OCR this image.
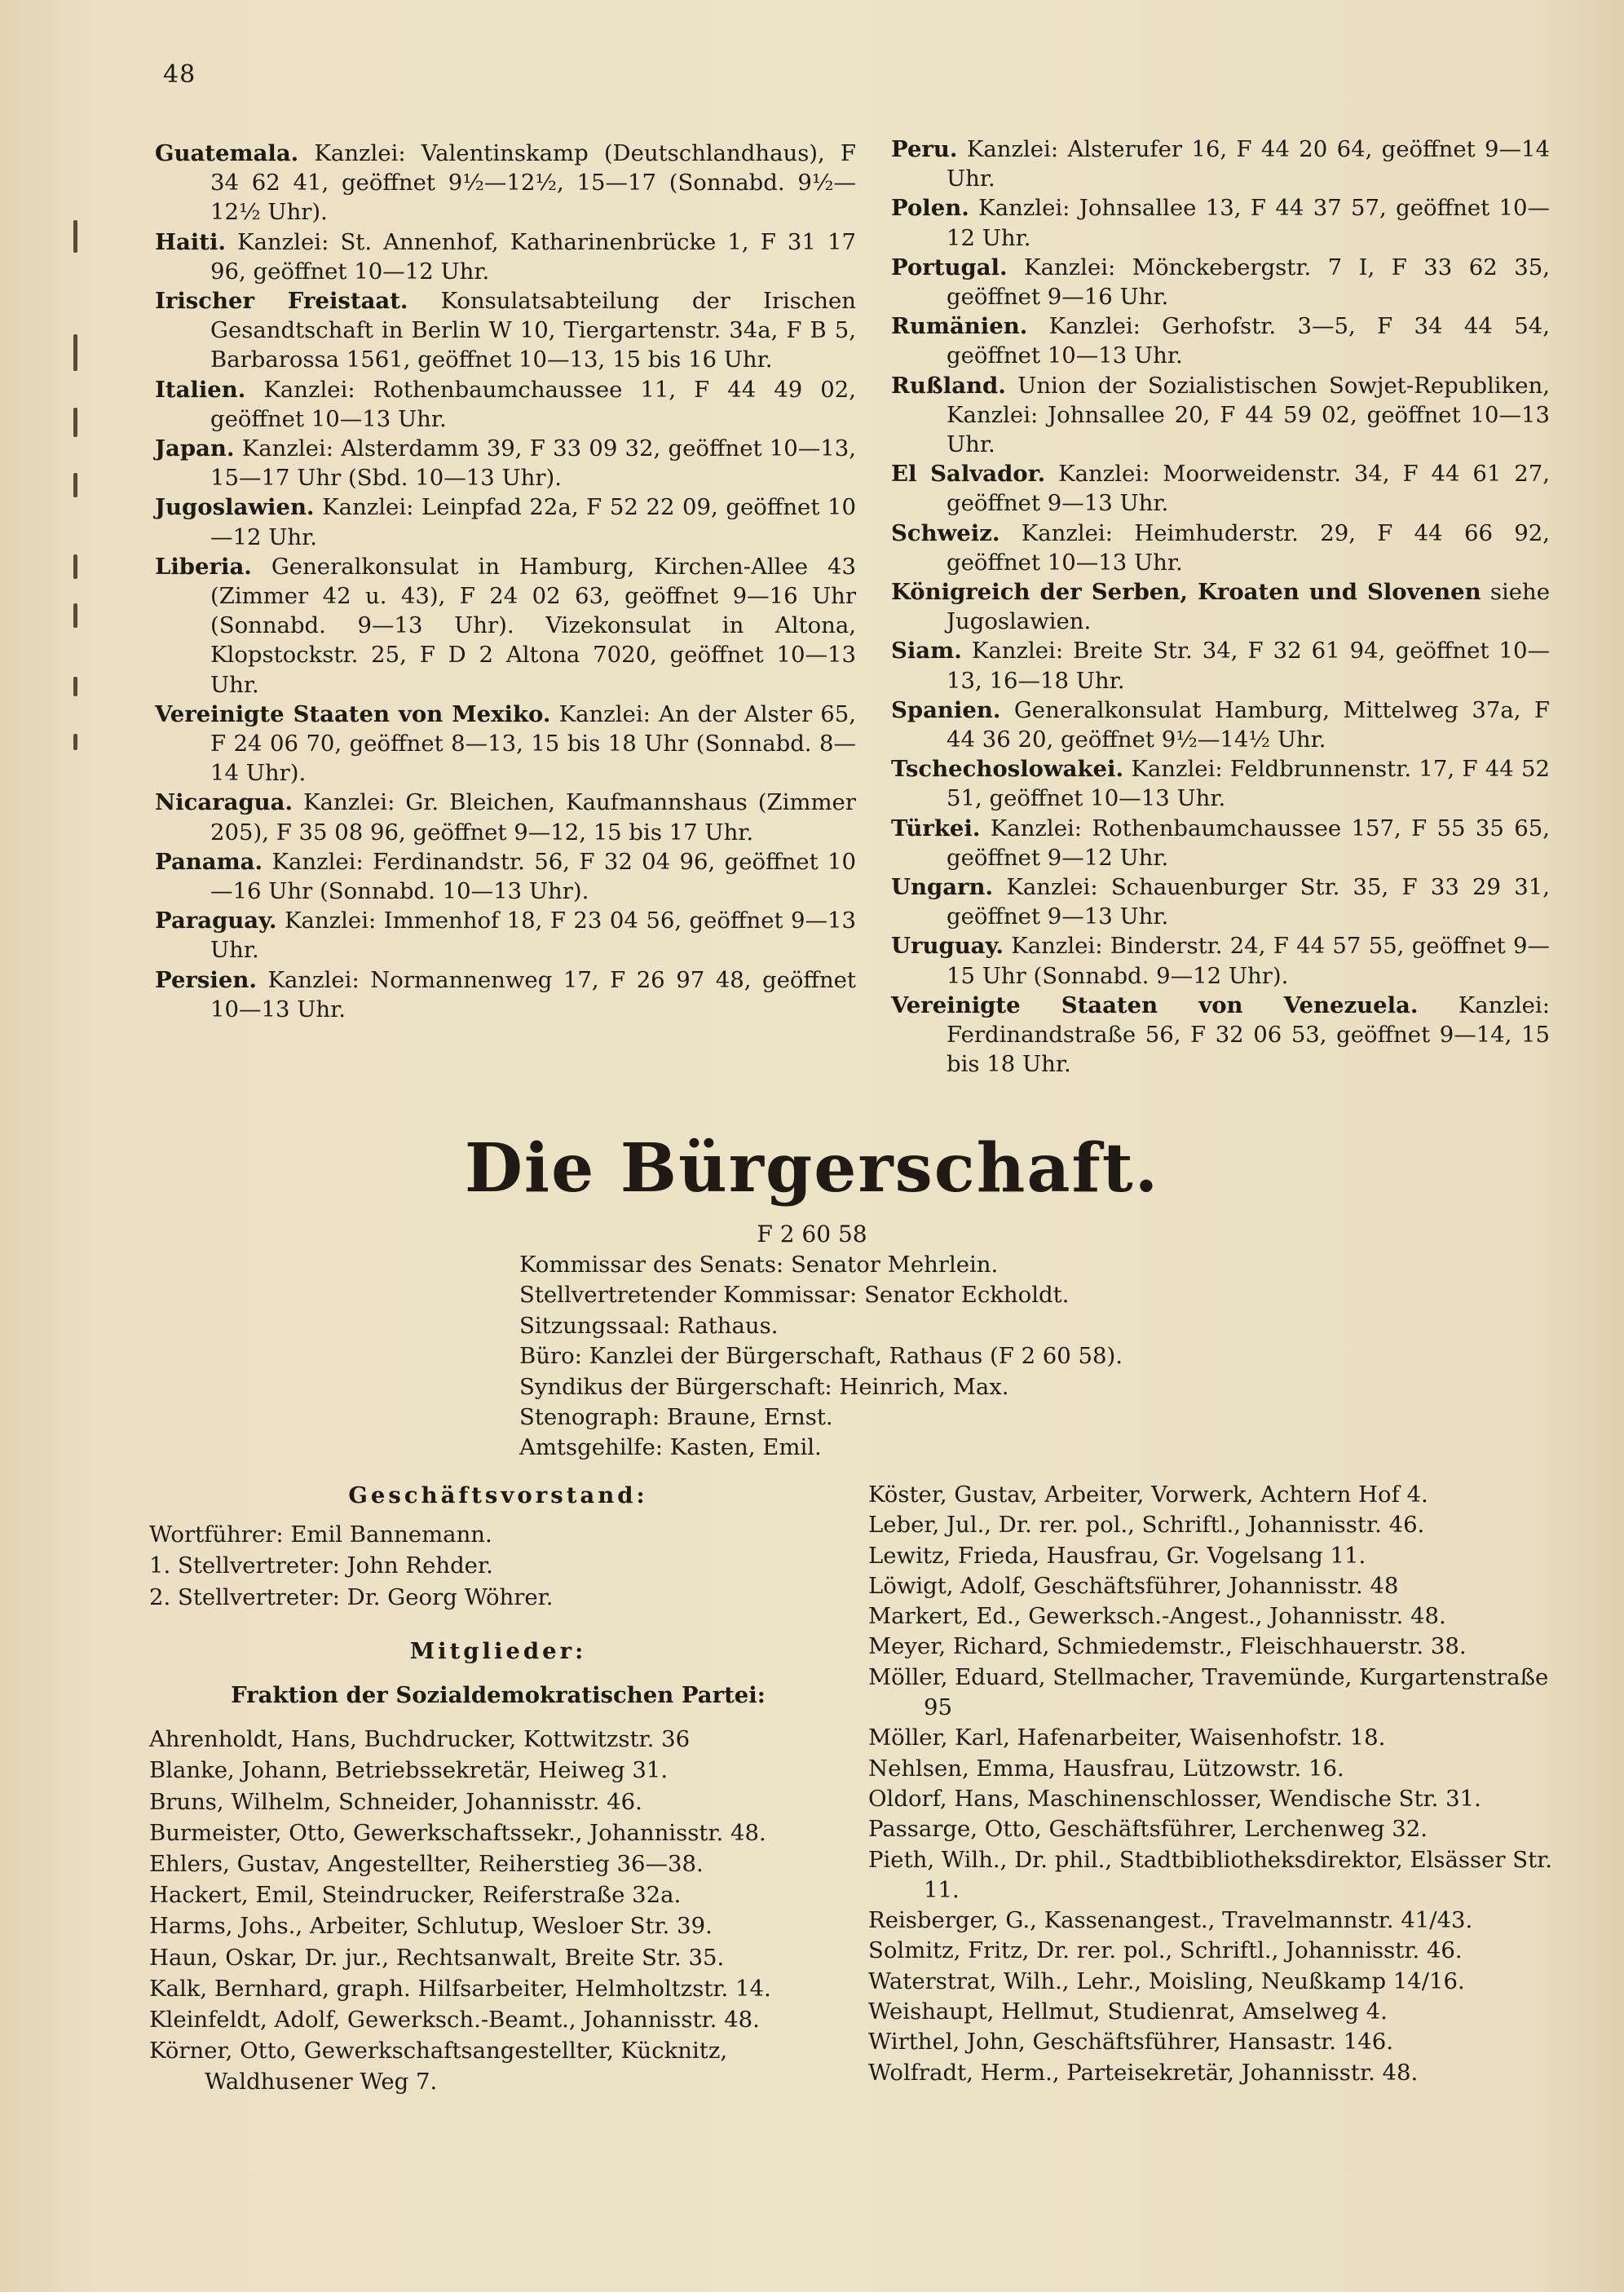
48
Guatemala. Kanzlei: Valentinskamp (Deutschlandhaus), F 34 62 41, geöffnet 9½—12½, 15—17 (Sonnabd. 9½—12½ Uhr).
Haiti. Kanzlei: St. Annenhof, Katharinenbrücke 1, F 31 17 96, geöffnet 10—12 Uhr.
Irischer Freistaat. Konsulatsabteilung der Irischen Gesandtschaft in Berlin W 10, Tiergartenstr. 34a, F B 5, Barbarossa 1561, geöffnet 10—13, 15 bis 16 Uhr.
Italien. Kanzlei: Rothenbaumchaussee 11, F 44 49 02, geöffnet 10—13 Uhr.
Japan. Kanzlei: Alsterdamm 39, F 33 09 32, geöffnet 10—13, 15—17 Uhr (Sbd. 10—13 Uhr).
Jugoslawien. Kanzlei: Leinpfad 22a, F 52 22 09, geöffnet 10—12 Uhr.
Liberia. Generalkonsulat in Hamburg, Kirchen-Allee 43 (Zimmer 42 u. 43), F 24 02 63, geöffnet 9—16 Uhr (Sonnabd. 9—13 Uhr). Vizekonsulat in Altona, Klopstockstr. 25, F D 2 Altona 7020, geöffnet 10—13 Uhr.
Vereinigte Staaten von Mexiko. Kanzlei: An der Alster 65, F 24 06 70, geöffnet 8—13, 15 bis 18 Uhr (Sonnabd. 8—14 Uhr).
Nicaragua. Kanzlei: Gr. Bleichen, Kaufmannshaus (Zimmer 205), F 35 08 96, geöffnet 9—12, 15 bis 17 Uhr.
Panama. Kanzlei: Ferdinandstr. 56, F 32 04 96, geöffnet 10—16 Uhr (Sonnabd. 10—13 Uhr).
Paraguay. Kanzlei: Immenhof 18, F 23 04 56, geöffnet 9—13 Uhr.
Persien. Kanzlei: Normannenweg 17, F 26 97 48, geöffnet 10—13 Uhr.
Peru. Kanzlei: Alsterufer 16, F 44 20 64, geöffnet 9—14 Uhr.
Polen. Kanzlei: Johnsallee 13, F 44 37 57, geöffnet 10—12 Uhr.
Portugal. Kanzlei: Mönckebergstr. 7 I, F 33 62 35, geöffnet 9—16 Uhr.
Rumänien. Kanzlei: Gerhofstr. 3—5, F 34 44 54, geöffnet 10—13 Uhr.
Rußland. Union der Sozialistischen Sowjet-Republiken, Kanzlei: Johnsallee 20, F 44 59 02, geöffnet 10—13 Uhr.
El Salvador. Kanzlei: Moorweidenstr. 34, F 44 61 27, geöffnet 9—13 Uhr.
Schweiz. Kanzlei: Heimhuderstr. 29, F 44 66 92, geöffnet 10—13 Uhr.
Königreich der Serben, Kroaten und Slovenen siehe Jugoslawien.
Siam. Kanzlei: Breite Str. 34, F 32 61 94, geöffnet 10—13, 16—18 Uhr.
Spanien. Generalkonsulat Hamburg, Mittelweg 37a, F 44 36 20, geöffnet 9½—14½ Uhr.
Tschechoslowakei. Kanzlei: Feldbrunnenstr. 17, F 44 52 51, geöffnet 10—13 Uhr.
Türkei. Kanzlei: Rothenbaumchaussee 157, F 55 35 65, geöffnet 9—12 Uhr.
Ungarn. Kanzlei: Schauenburger Str. 35, F 33 29 31, geöffnet 9—13 Uhr.
Uruguay. Kanzlei: Binderstr. 24, F 44 57 55, geöffnet 9—15 Uhr (Sonnabd. 9—12 Uhr).
Vereinigte Staaten von Venezuela. Kanzlei: Ferdinandstraße 56, F 32 06 53, geöffnet 9—14, 15 bis 18 Uhr.
Die Bürgerschaft.
F 2 60 58
Kommissar des Senats: Senator Mehrlein.
Stellvertretender Kommissar: Senator Eckholdt.
Sitzungssaal: Rathaus.
Büro: Kanzlei der Bürgerschaft, Rathaus (F 2 60 58).
Syndikus der Bürgerschaft: Heinrich, Max.
Stenograph: Braune, Ernst.
Amtsgehilfe: Kasten, Emil.
Geschäftsvorstand:
Wortführer: Emil Bannemann.
1. Stellvertreter: John Rehder.
2. Stellvertreter: Dr. Georg Wöhrer.
Mitglieder:
Fraktion der Sozialdemokratischen Partei:
Ahrenholdt, Hans, Buchdrucker, Kottwitzstr. 36
Blanke, Johann, Betriebssekretär, Heiweg 31.
Bruns, Wilhelm, Schneider, Johannisstr. 46.
Burmeister, Otto, Gewerkschaftssekr., Johannisstr. 48.
Ehlers, Gustav, Angestellter, Reiherstieg 36—38.
Hackert, Emil, Steindrucker, Reiferstraße 32a.
Harms, Johs., Arbeiter, Schlutup, Wesloer Str. 39.
Haun, Oskar, Dr. jur., Rechtsanwalt, Breite Str. 35.
Kalk, Bernhard, graph. Hilfsarbeiter, Helmholtzstr. 14.
Kleinfeldt, Adolf, Gewerksch.-Beamt., Johannisstr. 48.
Körner, Otto, Gewerkschaftsangestellter, Kücknitz, Waldhusener Weg 7.
Köster, Gustav, Arbeiter, Vorwerk, Achtern Hof 4.
Leber, Jul., Dr. rer. pol., Schriftl., Johannisstr. 46.
Lewitz, Frieda, Hausfrau, Gr. Vogelsang 11.
Löwigt, Adolf, Geschäftsführer, Johannisstr. 48
Markert, Ed., Gewerksch.-Angest., Johannisstr. 48.
Meyer, Richard, Schmiedemstr., Fleischhauerstr. 38.
Möller, Eduard, Stellmacher, Travemünde, Kurgartenstraße 95
Möller, Karl, Hafenarbeiter, Waisenhofstr. 18.
Nehlsen, Emma, Hausfrau, Lützowstr. 16.
Oldorf, Hans, Maschinenschlosser, Wendische Str. 31.
Passarge, Otto, Geschäftsführer, Lerchenweg 32.
Pieth, Wilh., Dr. phil., Stadtbibliotheksdirektor, Elsässer Str. 11.
Reisberger, G., Kassenangest., Travelmannstr. 41/43.
Solmitz, Fritz, Dr. rer. pol., Schriftl., Johannisstr. 46.
Waterstrat, Wilh., Lehr., Moisling, Neußkamp 14/16.
Weishaupt, Hellmut, Studienrat, Amselweg 4.
Wirthel, John, Geschäftsführer, Hansastr. 146.
Wolfradt, Herm., Parteisekretär, Johannisstr. 48.
